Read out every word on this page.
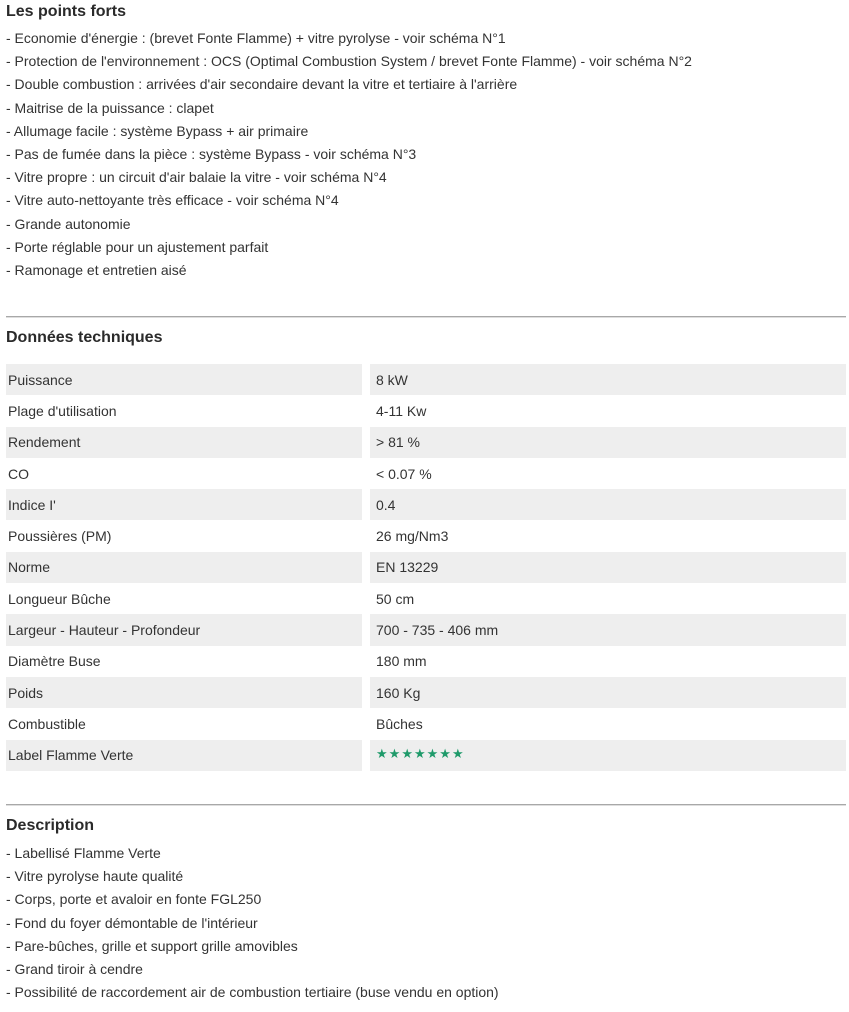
Les points forts
- Economie d'énergie : (brevet Fonte Flamme) + vitre pyrolyse - voir schéma N°1
- Protection de l'environnement : OCS (Optimal Combustion System / brevet Fonte Flamme) - voir schéma N°2
- Double combustion : arrivées d'air secondaire devant la vitre et tertiaire à l'arrière
- Maitrise de la puissance : clapet
- Allumage facile : système Bypass + air primaire
- Pas de fumée dans la pièce : système Bypass - voir schéma N°3
- Vitre propre : un circuit d'air balaie la vitre - voir schéma N°4
- Vitre auto-nettoyante très efficace - voir schéma N°4
- Grande autonomie
- Porte réglable pour un ajustement parfait
- Ramonage et entretien aisé
Données techniques
Puissance		8 kW
Plage d'utilisation		4-11 Kw
Rendement		> 81 %
CO		< 0.07 %
Indice I'		0.4
Poussières (PM)		26 mg/Nm3
Norme		EN 13229
Longueur Bûche		50 cm
Largeur - Hauteur - Profondeur		700 - 735 - 406 mm
Diamètre Buse		180 mm
Poids		160 Kg
Combustible		Bûches
Label Flamme Verte		★★★★★★★
Description
- Labellisé Flamme Verte
- Vitre pyrolyse haute qualité
- Corps, porte et avaloir en fonte FGL250
- Fond du foyer démontable de l'intérieur
- Pare-bûches, grille et support grille amovibles
- Grand tiroir à cendre
- Possibilité de raccordement air de combustion tertiaire (buse vendu en option)
